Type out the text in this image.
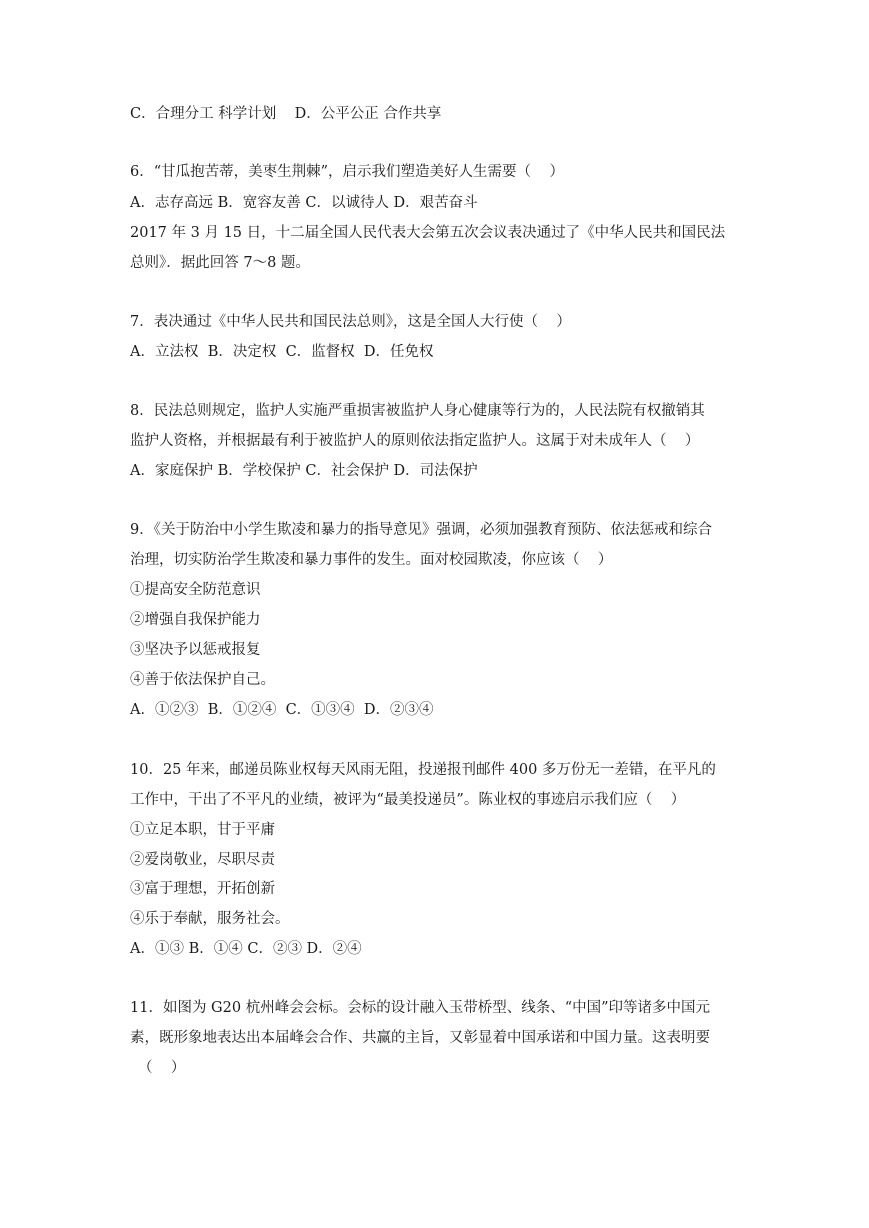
C．合理分工 科学计划    D．公平公正 合作共享
6．“甘瓜抱苦蒂，美枣生荆棘”，启示我们塑造美好人生需要（    ）
A．志存高远 B．宽容友善 C．以诚待人 D．艰苦奋斗
2017 年 3 月 15 日，十二届全国人民代表大会第五次会议表决通过了《中华人民共和国民法
总则》．据此回答 7～8 题。
7．表决通过《中华人民共和国民法总则》，这是全国人大行使（    ）
A．立法权  B．决定权  C．监督权  D．任免权
8．民法总则规定，监护人实施严重损害被监护人身心健康等行为的，人民法院有权撤销其
监护人资格，并根据最有利于被监护人的原则依法指定监护人。这属于对未成年人（    ）
A．家庭保护 B．学校保护 C．社会保护 D．司法保护
9．《关于防治中小学生欺凌和暴力的指导意见》强调，必须加强教育预防、依法惩戒和综合
治理，切实防治学生欺凌和暴力事件的发生。面对校园欺凌，你应该（    ）
①提高安全防范意识
②增强自我保护能力
③坚决予以惩戒报复
④善于依法保护自己。
A．①②③  B．①②④  C．①③④  D．②③④
10．25 年来，邮递员陈业权每天风雨无阻，投递报刊邮件 400 多万份无一差错，在平凡的
工作中，干出了不平凡的业绩，被评为“最美投递员”。陈业权的事迹启示我们应（    ）
①立足本职，甘于平庸
②爱岗敬业，尽职尽责
③富于理想，开拓创新
④乐于奉献，服务社会。
A．①③ B．①④ C．②③ D．②④
11．如图为 G20 杭州峰会会标。会标的设计融入玉带桥型、线条、“中国”印等诸多中国元
素，既形象地表达出本届峰会合作、共赢的主旨，又彰显着中国承诺和中国力量。这表明要
（    ）
